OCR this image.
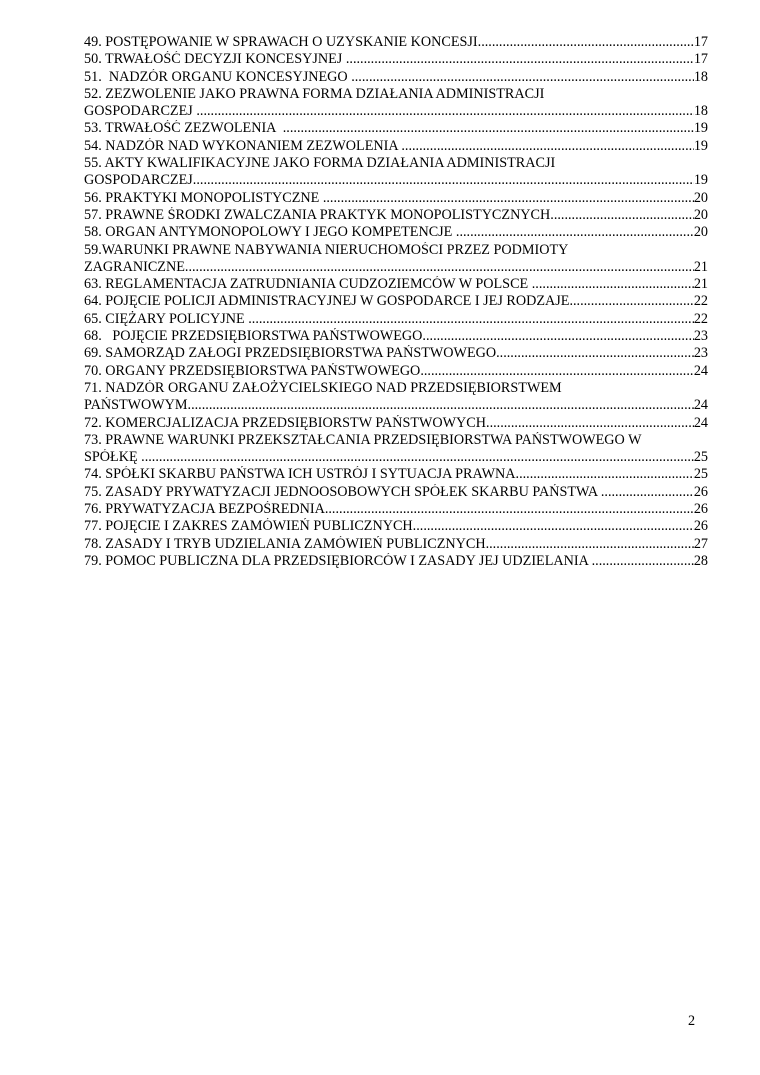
49. POSTĘPOWANIE W SPRAWACH O UZYSKANIE KONCESJI .....	17
50. TRWAŁOŚĆ DECYZJI KONCESYJNEJ .....	17
51.  NADZÓR ORGANU KONCESYJNEGO .....	18
52. ZEZWOLENIE JAKO PRAWNA FORMA DZIAŁANIA ADMINISTRACJI
GOSPODARCZEJ .....	18
53. TRWAŁOŚĆ ZEZWOLENIA .....	19
54. NADZÓR NAD WYKONANIEM ZEZWOLENIA .....	19
55. AKTY KWALIFIKACYJNE JAKO FORMA DZIAŁANIA ADMINISTRACJI
GOSPODARCZEJ .....	19
56. PRAKTYKI MONOPOLISTYCZNE .....	20
57. PRAWNE ŚRODKI ZWALCZANIA PRAKTYK MONOPOLISTYCZNYCH .....	20
58. ORGAN ANTYMONOPOLOWY I JEGO KOMPETENCJE .....	20
59.WARUNKI PRAWNE NABYWANIA NIERUCHOMOŚCI PRZEZ PODMIOTY
ZAGRANICZNE .....	21
63. REGLAMENTACJA ZATRUDNIANIA CUDZOZIEMCÓW W POLSCE .....	21
64. POJĘCIE POLICJI ADMINISTRACYJNEJ W GOSPODARCE I JEJ RODZAJE .....	22
65. CIĘŻARY POLICYJNE .....	22
68.   POJĘCIE PRZEDSIĘBIORSTWA PAŃSTWOWEGO .....	23
69. SAMORZĄD ZAŁOGI PRZEDSIĘBIORSTWA PAŃSTWOWEGO .....	23
70. ORGANY PRZEDSIĘBIORSTWA PAŃSTWOWEGO .....	24
71. NADZÓR ORGANU ZAŁOŻYCIELSKIEGO NAD PRZEDSIĘBIORSTWEM
PAŃSTWOWYM .....	24
72. KOMERCJALIZACJA PRZEDSIĘBIORSTW PAŃSTWOWYCH .....	24
73. PRAWNE WARUNKI PRZEKSZTAŁCANIA PRZEDSIĘBIORSTWA PAŃSTWOWEGO W
SPÓŁKĘ .....	25
74. SPÓŁKI SKARBU PAŃSTWA ICH USTRÓJ I SYTUACJA PRAWNA .....	25
75. ZASADY PRYWATYZACJI JEDNOOSOBOWYCH SPÓŁEK SKARBU PAŃSTWA .....	26
76. PRYWATYZACJA BEZPOŚREDNIA .....	26
77. POJĘCIE I ZAKRES ZAMÓWIEŃ PUBLICZNYCH .....	26
78. ZASADY I TRYB UDZIELANIA ZAMÓWIEŃ PUBLICZNYCH .....	27
79. POMOC PUBLICZNA DLA PRZEDSIĘBIORCÓW I ZASADY JEJ UDZIELANIA .....	28
2
